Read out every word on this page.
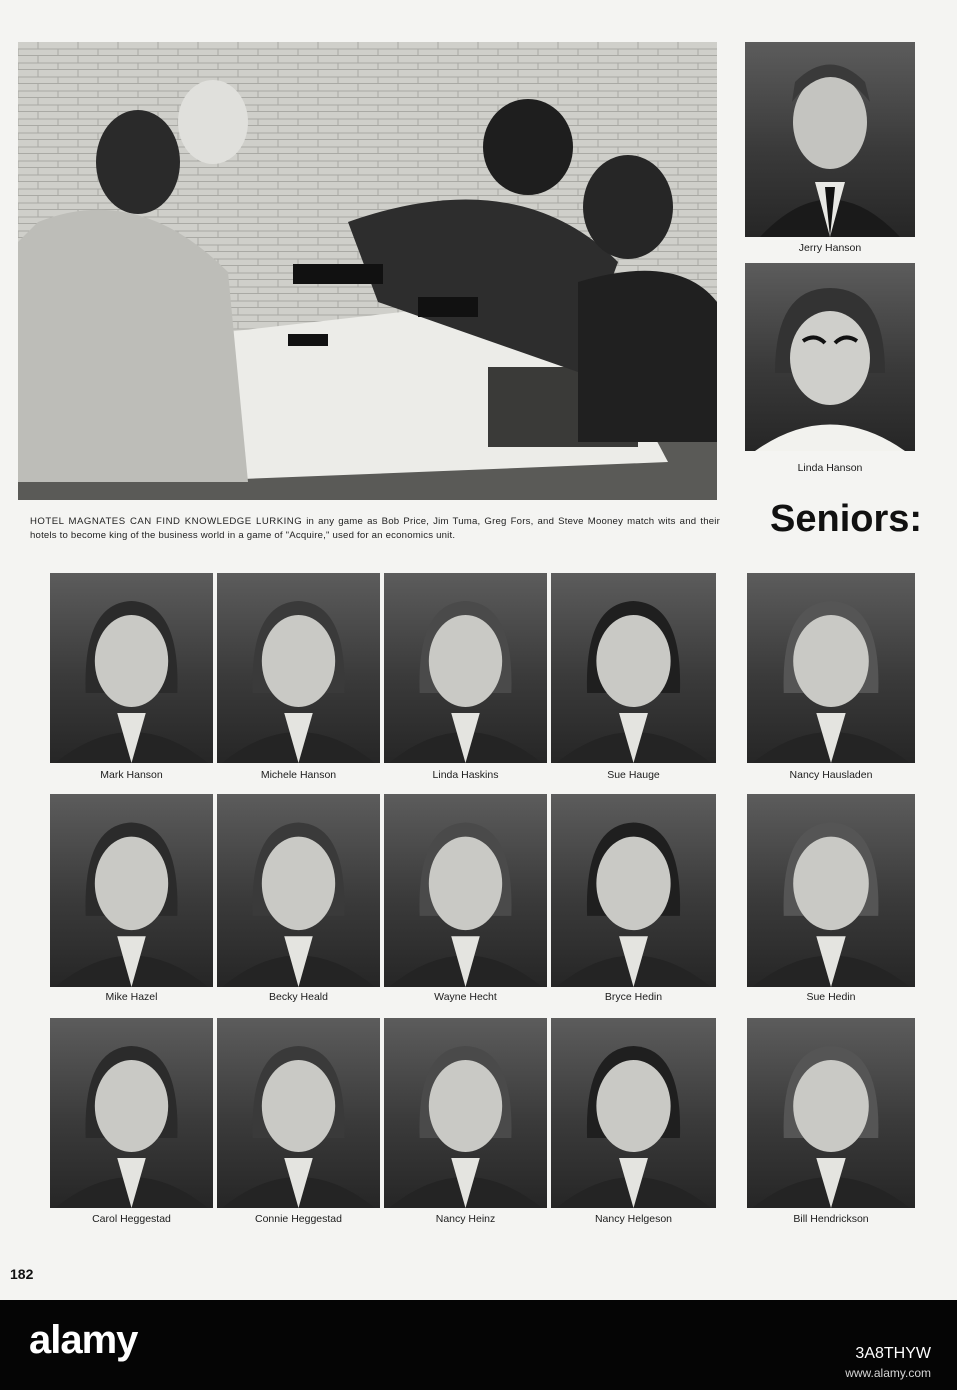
Jerry Hanson
Linda Hanson
HOTEL MAGNATES CAN FIND KNOWLEDGE LURKING in any game as Bob Price, Jim Tuma, Greg Fors, and Steve Mooney match wits and their hotels to become king of the business world in a game of "Acquire," used for an economics unit.	Seniors:
Mark Hanson	Michele Hanson	Linda Haskins	Sue Hauge	Nancy Hausladen
Mike Hazel	Becky Heald	Wayne Hecht	Bryce Hedin	Sue Hedin
Carol Heggestad	Connie Heggestad	Nancy Heinz	Nancy Helgeson	Bill Hendrickson
182
alamy	3A8THYW
www.alamy.com
